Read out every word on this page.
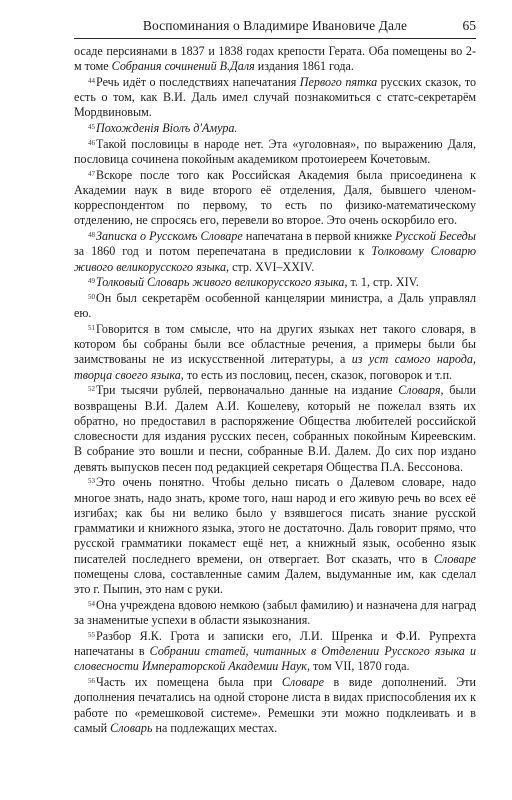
Воспоминания о Владимире Ивановиче Дале	65

осаде персиянами в 1837 и 1838 годах крепости Герата. Оба помещены во 2-м томе Собрания сочинений В.Даля издания 1861 года.

$^{44}$Речь идёт о последствиях напечатания Первого пятка русских сказок, то есть о том, как В.И. Даль имел случай познакомиться с статс-секретарём Мордвиновым.

$^{45}$Похожденія Віолъ д'Амура.

$^{46}$Такой пословицы в народе нет. Эта «уголовная», по выражению Даля, пословица сочинена покойным академиком протоиереем Кочетовым.

$^{47}$Вскоре после того как Российская Академия была присоединена к Академии наук в виде второго её отделения, Даля, бывшего членом-корреспондентом по первому, то есть по физико-математическому отделению, не спросясь его, перевели во второе. Это очень оскорбило его.

$^{48}$Записка о Русскомъ Словаре напечатана в первой книжке Русской Беседы за 1860 год и потом перепечатана в предисловии к Толковому Словарю живого великорусского языка, стр. XVI–XXIV.

$^{49}$Толковый Словарь живого великорусского языка, т. 1, стр. XIV.

$^{50}$Он был секретарём особенной канцелярии министра, а Даль управлял ею.

$^{51}$Говорится в том смысле, что на других языках нет такого словаря, в котором бы собраны были все областные речения, а примеры были бы заимствованы не из искусственной литературы, а из уст самого народа, творца своего языка, то есть из пословиц, песен, сказок, поговорок и т.п.

$^{52}$Три тысячи рублей, первоначально данные на издание Словаря, были возвращены В.И. Далем А.И. Кошелеву, который не пожелал взять их обратно, но предоставил в распоряжение Общества любителей российской словесности для издания русских песен, собранных покойным Киреевским. В собрание это вошли и песни, собранные В.И. Далем. До сих пор издано девять выпусков песен под редакцией секретаря Общества П.А. Бессонова.

$^{53}$Это очень понятно. Чтобы дельно писать о Далевом словаре, надо многое знать, надо знать, кроме того, наш народ и его живую речь во всех её изгибах; как бы ни велико было у взявшегося писать знание русской грамматики и книжного языка, этого не достаточно. Даль говорит прямо, что русской грамматики покамест ещё нет, а книжный язык, особенно язык писателей последнего времени, он отвергает. Вот сказать, что в Словаре помещены слова, составленные самим Далем, выдуманные им, как сделал это г. Пыпин, это нам с руки.

$^{54}$Она учреждена вдовою немкою (забыл фамилию) и назначена для наград за знаменитые успехи в области языкознания.

$^{55}$Разбор Я.К. Грота и записки его, Л.И. Шренка и Ф.И. Рупрехта напечатаны в Собрании статей, читанных в Отделении Русского языка и словесности Императорской Академии Наук, том VII, 1870 года.

$^{56}$Часть их помещена была при Словаре в виде дополнений. Эти дополнения печатались на одной стороне листа в видах приспособления их к работе по «ремешковой системе». Ремешки эти можно подклеивать и в самый Словарь на подлежащих местах.
